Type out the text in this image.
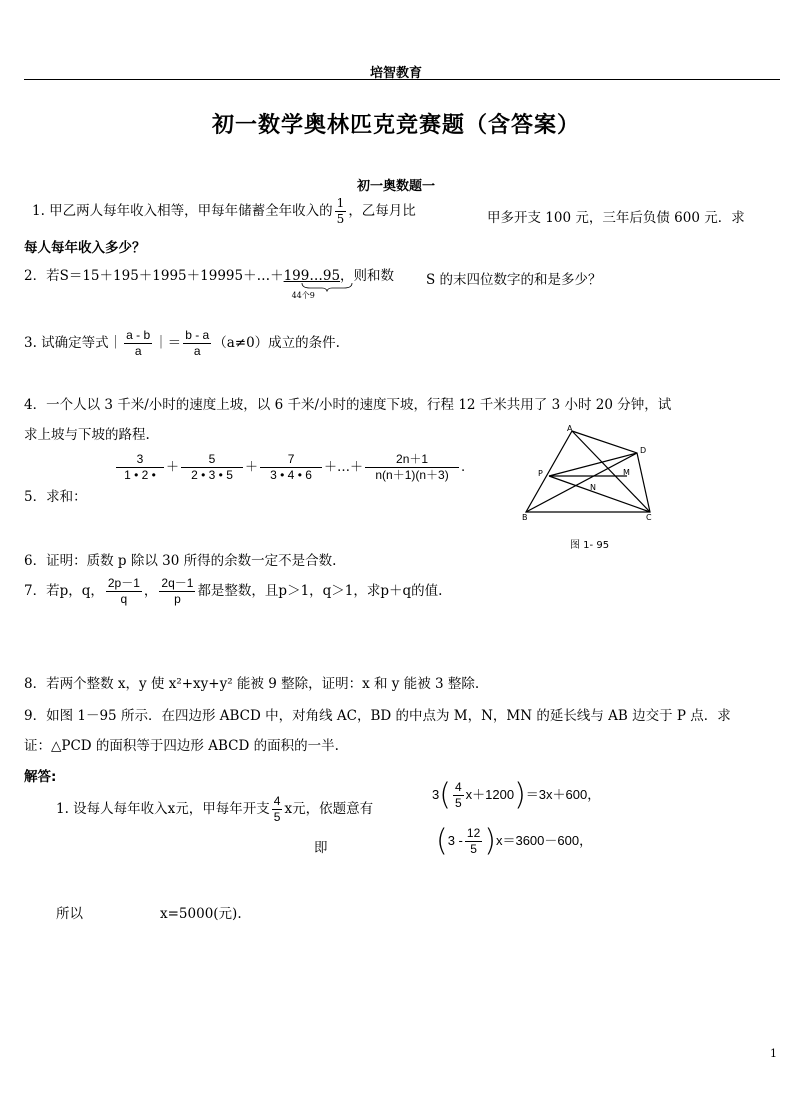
培智教育
初一数学奥林匹克竞赛题（含答案）
初一奥数题一
1. 甲乙两人每年收入相等，甲每年储蓄全年收入的 $\frac{1}{5}$ ，乙每月比	甲多开支 100 元，三年后负债 600 元．求
每人每年收入多少？
2．若S＝15＋195＋1995＋19995＋…＋199…95
44个9
，则和数 S 的末四位数字的和是多少？
3. 试确定等式｜ $\frac{a - b}{a}$ ｜＝ $\frac{b - a}{a} (a\ne 0)$成立的条件.
4．一个人以 3 千米/小时的速度上坡，以 6 千米/小时的速度下坡，行程 12 千米共用了 3 小时 20 分钟，试
求上坡与下坡的路程.
5．求和：
$\frac{3}{1 • 2 •} + \frac{5}{2 • 3 • 5} + \frac{7}{3 • 4 • 6}$ ＋…＋ $\frac{2n+1}{n(n+1)(n+3)}$ .
A
D
P	M
N
B	C
图 1- 95
6．证明：质数 p 除以 30 所得的余数一定不是合数.
7．若p，q， $\frac{2p-1}{q}$ ， $\frac{2q-1}{p}$ 都是整数，且p＞1，q＞1，求p＋q的值.
8．若两个整数 x，y 使 x²+xy+y² 能被 9 整除，证明：x 和 y 能被 3 整除.
9．如图 1－95 所示．在四边形 ABCD 中，对角线 AC，BD 的中点为 M，N，MN 的延长线与 AB 边交于 P 点．求
证：△PCD 的面积等于四边形 ABCD 的面积的一半.
解答:
1. 设每人每年收入x元，甲每年开支 $\frac{4}{5}$ x元，依题意有
$3( \frac{4}{5} x+1200)=3x+600$，
即	$(3 - \frac{12}{5} )x=3600-600$，
所以	x=5000(元).
1
